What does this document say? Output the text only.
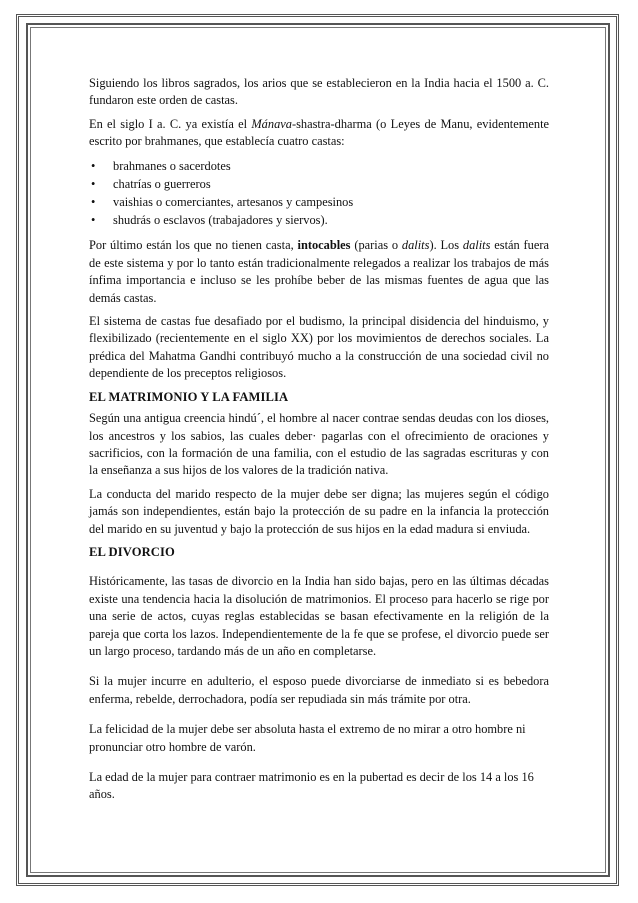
Siguiendo los libros sagrados, los arios que se establecieron en la India hacia el 1500 a. C. fundaron este orden de castas.

En el siglo I a. C. ya existía el Mánava-shastra-dharma (o Leyes de Manu, evidentemente escrito por brahmanes, que establecía cuatro castas:

• brahmanes o sacerdotes
• chatrías o guerreros
• vaishias o comerciantes, artesanos y campesinos
• shudrás o esclavos (trabajadores y siervos).

Por último están los que no tienen casta, intocables (parias o dalits). Los dalits están fuera de este sistema y por lo tanto están tradicionalmente relegados a realizar los trabajos de más ínfima importancia e incluso se les prohíbe beber de las mismas fuentes de agua que las demás castas.

El sistema de castas fue desafiado por el budismo, la principal disidencia del hinduismo, y flexibilizado (recientemente en el siglo XX) por los movimientos de derechos sociales. La prédica del Mahatma Gandhi contribuyó mucho a la construcción de una sociedad civil no dependiente de los preceptos religiosos.

EL MATRIMONIO Y LA FAMILIA

Según una antigua creencia hindú´, el hombre al nacer contrae sendas deudas con los dioses, los ancestros y los sabios, las cuales deber· pagarlas con el ofrecimiento de oraciones y sacrificios, con la formación de una familia, con el estudio de las sagradas escrituras y con la enseñanza a sus hijos de los valores de la tradición nativa.

La conducta del marido respecto de la mujer debe ser digna; las mujeres según el código jamás son independientes, están bajo la protección de su padre en la infancia la protección del marido en su juventud y bajo la protección de sus hijos en la edad madura si enviuda.

EL DIVORCIO

Históricamente, las tasas de divorcio en la India han sido bajas, pero en las últimas décadas existe una tendencia hacia la disolución de matrimonios. El proceso para hacerlo se rige por una serie de actos, cuyas reglas establecidas se basan efectivamente en la religión de la pareja que corta los lazos. Independientemente de la fe que se profese, el divorcio puede ser un largo proceso, tardando más de un año en completarse.

Si la mujer incurre en adulterio, el esposo puede divorciarse de inmediato si es bebedora enferma, rebelde, derrochadora, podía ser repudiada sin más trámite por otra.

La felicidad de la mujer debe ser absoluta hasta el extremo de no mirar a otro hombre ni pronunciar otro hombre de varón.

La edad de la mujer para contraer matrimonio es en la pubertad es decir de los 14 a los 16 años.
